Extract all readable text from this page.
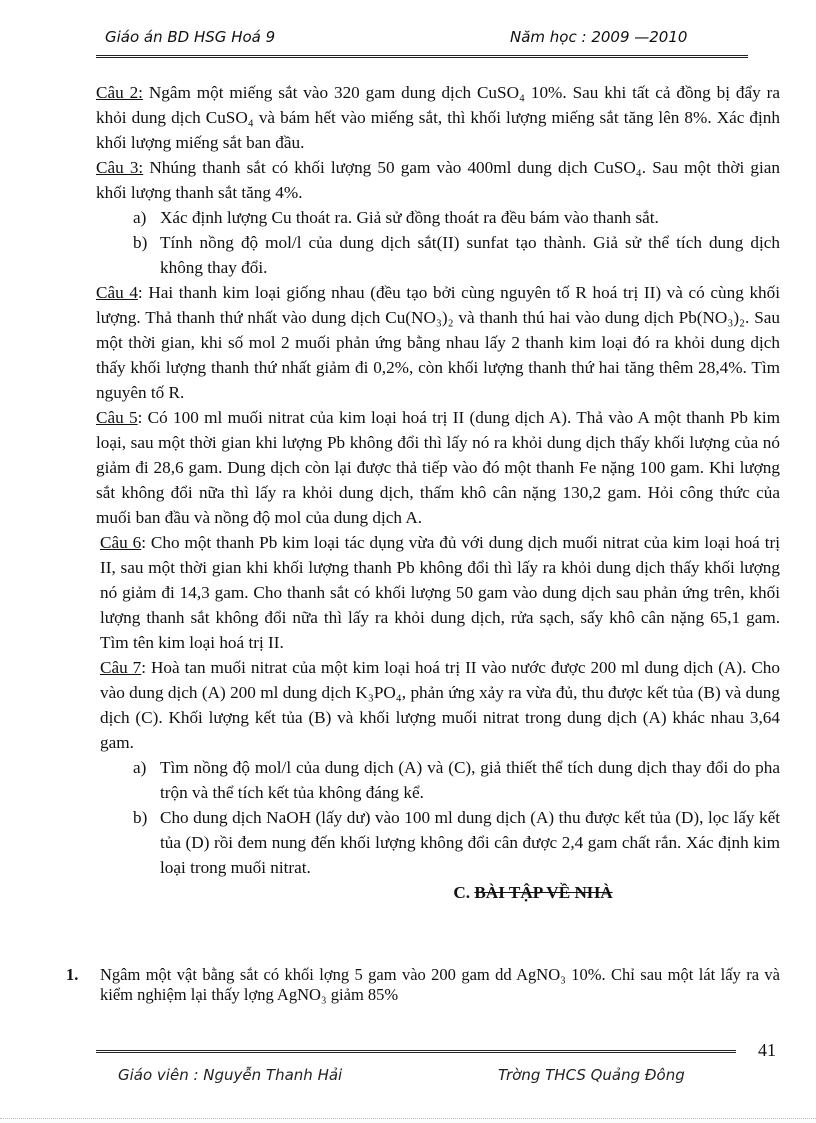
Giáo án BD HSG Hoá 9	Năm học : 2009 —2010

Câu 2: Ngâm một miếng sắt vào 320 gam dung dịch CuSO₄ 10%. Sau khi tất cả đồng bị đẩy ra khỏi dung dịch CuSO₄ và bám hết vào miếng sắt, thì khối lượng miếng sắt tăng lên 8%. Xác định khối lượng miếng sắt ban đầu.

Câu 3: Nhúng thanh sắt có khối lượng 50 gam vào 400ml dung dịch CuSO₄. Sau một thời gian khối lượng thanh sắt tăng 4%.

a) Xác định lượng Cu thoát ra. Giả sử đồng thoát ra đều bám vào thanh sắt.
b) Tính nồng độ mol/l của dung dịch sắt(II) sunfat tạo thành. Giả sử thể tích dung dịch không thay đổi.

Câu 4: Hai thanh kim loại giống nhau (đều tạo bởi cùng nguyên tố R hoá trị II) và có cùng khối lượng. Thả thanh thứ nhất vào dung dịch Cu(NO₃)₂ và thanh thú hai vào dung dịch Pb(NO₃)₂. Sau một thời gian, khi số mol 2 muối phản ứng bằng nhau lấy 2 thanh kim loại đó ra khỏi dung dịch thấy khối lượng thanh thứ nhất giảm đi 0,2%, còn khối lượng thanh thứ hai tăng thêm 28,4%. Tìm nguyên tố R.

Câu 5: Có 100 ml muối nitrat của kim loại hoá trị II (dung dịch A). Thả vào A một thanh Pb kim loại, sau một thời gian khi lượng Pb không đổi thì lấy nó ra khỏi dung dịch thấy khối lượng của nó giảm đi 28,6 gam. Dung dịch còn lại được thả tiếp vào đó một thanh Fe nặng 100 gam. Khi lượng sắt không đổi nữa thì lấy ra khỏi dung dịch, thấm khô cân nặng 130,2 gam. Hỏi công thức của muối ban đầu và nồng độ mol của dung dịch A.

Câu 6: Cho một thanh Pb kim loại tác dụng vừa đủ với dung dịch muối nitrat của kim loại hoá trị II, sau một thời gian khi khối lượng thanh Pb không đổi thì lấy ra khỏi dung dịch thấy khối lượng nó giảm đi 14,3 gam. Cho thanh sắt có khối lượng 50 gam vào dung dịch sau phản ứng trên, khối lượng thanh sắt không đổi nữa thì lấy ra khỏi dung dịch, rửa sạch, sấy khô cân nặng 65,1 gam. Tìm tên kim loại hoá trị II.

Câu 7: Hoà tan muối nitrat của một kim loại hoá trị II vào nước được 200 ml dung dịch (A). Cho vào dung dịch (A) 200 ml dung dịch K₃PO₄, phản ứng xảy ra vừa đủ, thu được kết tủa (B) và dung dịch (C). Khối lượng kết tủa (B) và khối lượng muối nitrat trong dung dịch (A) khác nhau 3,64 gam.

a) Tìm nồng độ mol/l của dung dịch (A) và (C), giả thiết thể tích dung dịch thay đổi do pha trộn và thể tích kết tủa không đáng kể.
b) Cho dung dịch NaOH (lấy dư) vào 100 ml dung dịch (A) thu được kết tủa (D), lọc lấy kết tủa (D) rồi đem nung đến khối lượng không đổi cân được 2,4 gam chất rắn. Xác định kim loại trong muối nitrat.

C. BÀI TẬP VỀ NHÀ

1. Ngâm một vật bằng sắt có khối lợng 5 gam vào 200 gam dd AgNO₃ 10%. Chỉ sau một lát lấy ra và kiểm nghiệm lại thấy lợng AgNO₃ giảm 85%
41
Giáo viên : Nguyễn Thanh Hải	Trờng THCS Quảng Đông
